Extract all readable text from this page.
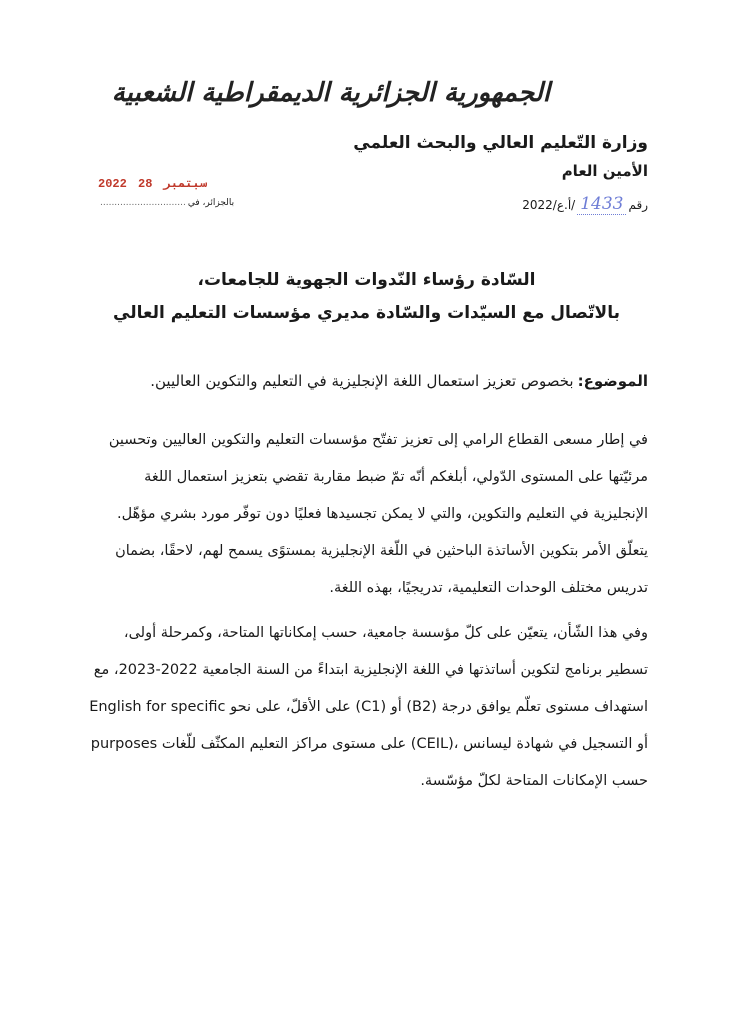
الجمهورية الجزائرية الديمقراطية الشعبية
وزارة التّعليم العالي والبحث العلمي
الأمين العام
رقم
1433
/أ.ع/2022
2022	سبتمبر 28
بالجزائر، في
..............................
السّادة رؤساء النّدوات الجهوية للجامعات،
بالاتّصال مع السيّدات والسّادة مديري مؤسسات التعليم العالي
الموضوع:
بخصوص تعزيز استعمال اللغة الإنجليزية في التعليم والتكوين العاليين.
في إطار مسعى القطاع الرامي إلى تعزيز تفتّح مؤسسات التعليم والتكوين العاليين وتحسين
مرئيّتها على المستوى الدّولي، أبلغكم أنّه تمّ ضبط مقاربة تقضي بتعزيز استعمال اللغة
الإنجليزية في التعليم والتكوين، والتي لا يمكن تجسيدها فعليًا دون توفّر مورد بشري مؤهّل.
يتعلّق الأمر بتكوين الأساتذة الباحثين في اللّغة الإنجليزية بمستوًى يسمح لهم، لاحقًا، بضمان
تدريس مختلف الوحدات التعليمية، تدريجيًا، بهذه اللغة.
وفي هذا الشّأن، يتعيّن على كلّ مؤسسة جامعية، حسب إمكاناتها المتاحة، وكمرحلة أولى،
تسطير برنامج لتكوين أساتذتها في اللغة الإنجليزية ابتداءً من السنة الجامعية 2022-2023، مع
استهداف مستوى تعلّم يوافق درجة (B2) أو (C1) على الأقلّ، على نحو English for specific
purposes على مستوى مراكز التعليم المكثّف للّغات (CEIL)، أو التسجيل في شهادة ليسانس
حسب الإمكانات المتاحة لكلّ مؤسّسة.
